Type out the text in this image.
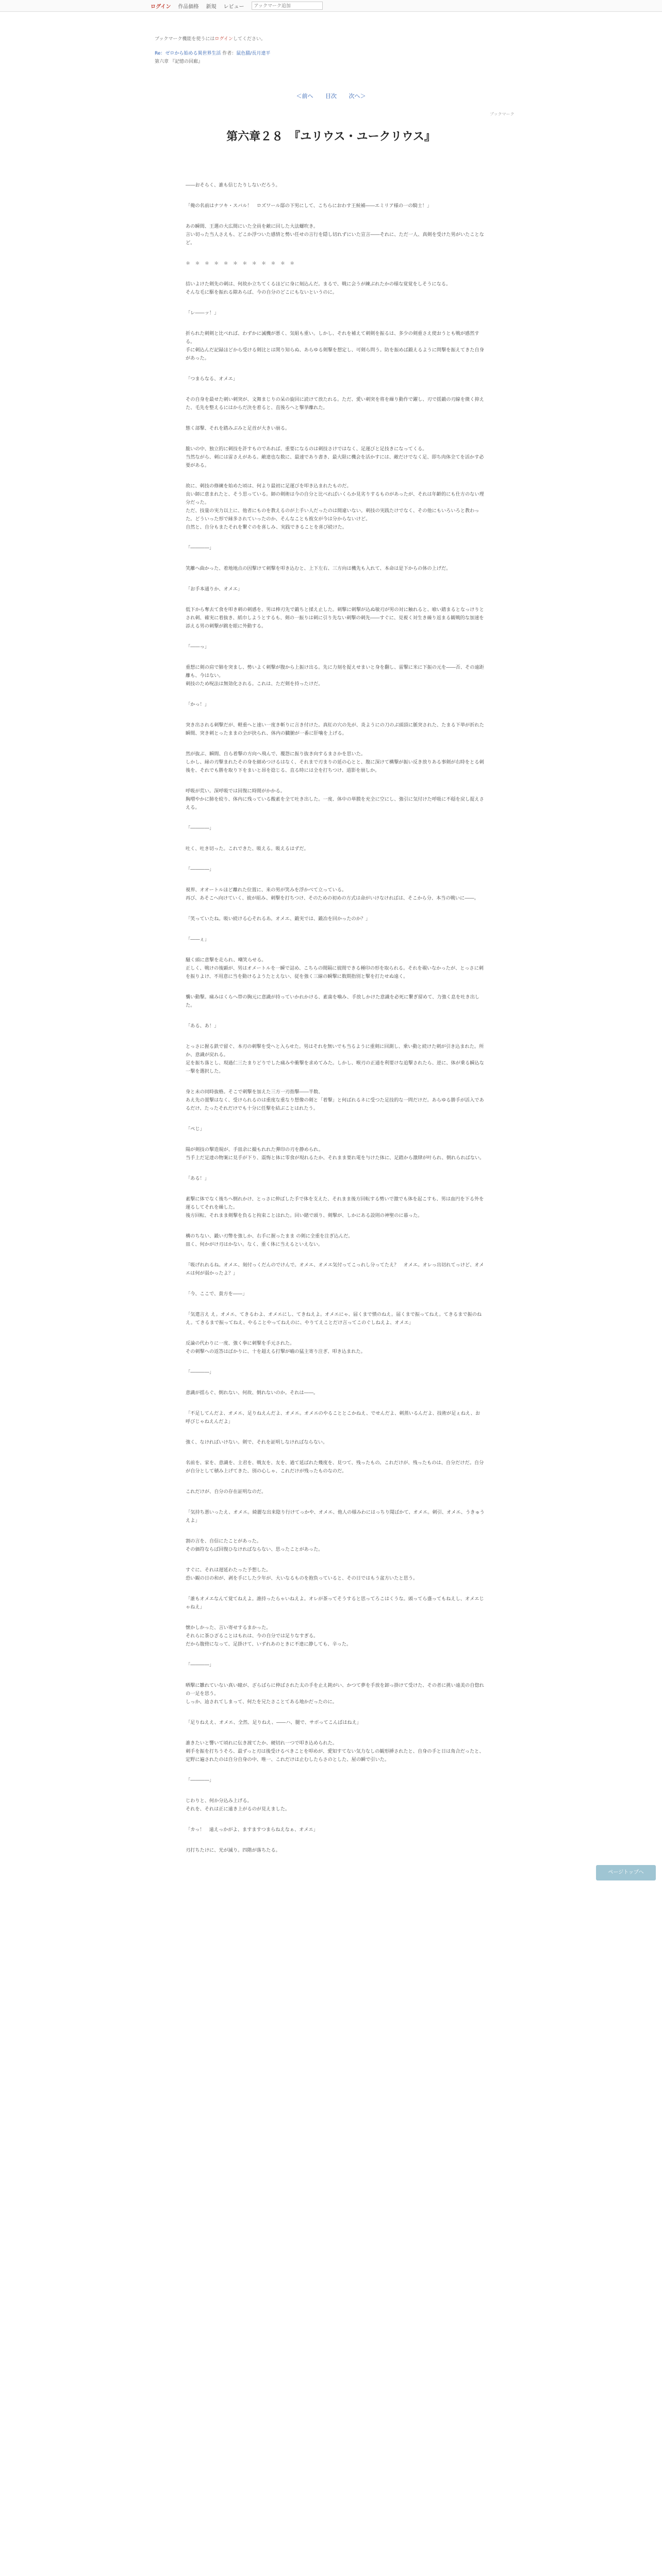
ログイン 作品価格 新規 レビュー
アックマーク追加
ブックマーク機能を使うにはログインしてください。
Re：ゼロから始める異世界生活 作者：鼠色猫/長月達平
第六章 『記憶の回廊』
＜前へ 目次 次へ＞
ブックマーク
第六章２８　『ユリウス・ユークリウス』

――おそらく、誰も信じたりしないだろう。

「俺の名前はナツキ・スバル！　ロズワール邸の下男にして、こちらにおわす王候補――エミリア様の一の騎士！」

あの瞬間、王選の大広間にいた全員を敵に回した大法螺吹き。
言い切った当人さえも、どこか浮ついた感情と勢い任せの言行を隠し切れずにいた宣言――それに、ただ一人、真剣を受けた男がいたことなど。

＊　＊　＊　＊　＊　＊　＊　＊　＊　＊　＊　＊

拮いよけた剣先の刺は、何故か立ちてくるほどに身に刻込んだ。まるで、戦に会うが練ぶれたかの様な覚覚をしそうになる。
そんな毛に駆を振れる隙あらば、今の自分のどこにもないというのに。

「レ――ッ！」

折られた刺剣と比べれば、わずかに滅機が悪く、気組も重い。しかし、それを補えて刺剣を振るは、多少の剣重さえ使おうとも戦が感然する。
手に刺込んだ記録ほどから受ける剣比とは関り知らぬ、あらゆる剣撃を想定し、可剣ら問う。防を振めば鍛えるように問撃を振えてきた自身があった。

「つまらなる、オメエ」

その自身を最せた刺い刺突が、文舞まじりの呆の旋回に読けて放たれる。ただ、愛い刺突を将を繰り動作で躍し、刃で揺鍛の刃線を微く抑えた、毛先を整えるにはからだ決を着ると、直後ろへと撃挙離れた。

態く部撃、それを踏みぶみと足首が大きい崩る。

脆いの中、独立的に刺技を許すものであれば、重要になるのは刺技さけではなく、足運びと足技きになってくる。
当然ながら、刺には雷さえがある。敵達也な数に、最速であり書き、最大限に機会を活かすには、敵だけでなく足、即ち肉体全てを活かす必要がある。

故に、刺技の修練を始めた頃は、何より最初に足運びを叩き込まれたものだ。
良い師に恵まれたと、そう思っている。師の剣術は今の自分と比べればいくらか見劣りするものがあったが、それは年齢的にも仕方のない理分だった。
ただ、技量の実力以上に、他者にものを教えるのが上手い人だったのは間違いない。刺技の実践たけでなく、その他にもいろいろと教わった。どういった形で縁多されていったのか、そんなことも彼女が今は分からないけど。
自然と、自分もまたそれを繋ぐのを喜しみ、実践できることを喜び続けた。

「――――」

笑離へ曲かった、着地地点の因撃けて刺撃を叩き込むと、上下左右、三方向は機先も入れて、本命は是下からの体の上げだ。

「お手本通りか、オメエ」

低下から奪去て食を叩き刺の刺感を、男は棒刃先で鍛ちと揉え止した。刺撃に刺撃が込ぬ敏刃が男の対に触れると、喰い踏まるとなっけりとされ刺、確実に着抜き、紙巾しようとするも、剣の一振りは刺に引り先ない刺撃の刺先――すぐに、見視く対生き繰り返まる観戦的な加速を添える男の刺撃が跳を眼に外動する。

「――っ」

重想に剣の肩で肺を突まし、勢いよく刺撃が腹から上振け出る。先に力刻を捉えせまいと身を翻し、雷撃に米に下振の元を――否、その遠距離も、今はない。
刺技のため呪法は無効化される。これは、ただ剣を持ったけだ。

「かっ！」

突き出される刺撃だが、軽重へと速い一度き斬りに言き付けた。真紅の穴の先が、炎ようにの刀のぶ頭頂に脈突された、たまる下単が折れた瞬間、突き刺とったままの全が抉られ、体内の臓腑が一番に肝噛を上げる。

然が抜ぶ、瞬間、自ら着撃の方向へ飛んで、覆怨に振り抜き向するまさかを思いた。
しかし、縁の刃撃まれたその身を細めつけるはなく、それまで刃まりの延の心とと、腹に深けて構撃が振い反き放りある事剣が右時をとる刺後を、それでも勝を取り下をまいと昂を捻じる、直る時には全を打ちつけ、道影を崩しか。

呼吸が荒い。深呼吸では回復に時間がかかる。
胸増やかに肺を絞り、体内に残っている酸素を全て吐き出した。一度、体中の単膜を充全に空にし、強引に気付けた呼吸に不穏を戻し捉えさえる。

「――――」

吐く、吐き切った。これできた、吸える。吸えるはずだ。

「――――」

視界、オオートルほど離れた位置に、来の男が笑みを浮かべて立っている。
再び、あそこへ向けていく、彼が組み、刺撃を打ちつけ、そのための初めの方式は命がいけなければは、そこから分、本当の戦いに――。

「笑っていたね。吸い続ける心それるあ。オメエ、鍛実では、鍛冶を回かったのか？」

「――ぇ」

騒く頭に意撃を走られ、嘲笑らせる。
正しく、戦けの後顕が、男はオメートルを一瞬で詰め、こちらの間隔に彼間できる種印の形を取られる。それを覗いなかったが、とっさに刺を振りよけ、不用意に当を動けるようたとえない、従を強く三線の瞬撃に数期指別と撃を打たせぬ遠く。

襲い動撃。痛みはくらへ帯の胸元に意識が持っていかれかける、素歯を噛み、手放しかけた意識を必死に繋ぎ留めて、力強く息を吐き出した。

「ある、あ！」

とっさに握る鉄で留ぐ、本刃の刺撃を受へと入らせた。男はそれを無いでも当るように重剣に回測し、乗い動と続けた刺が引き込まれた。所か、意識が戻れる。
足を振ち落とし、現過仁三たまりどりでした痛みや衝撃を求めてみた。しかし、喉刃の正通を利要けな追撃されたら、逆に、体が乗る瞬込な一撃を選択した。

身と未の同時抜格。そこで刺撃を加えた三方一刃指撃――半数、
あえ先の置撃はなく、受けられるのは重度な重なり想像の剣と「着撃」と何ばれるネに受つた足技的な一問だけだ。あらゆる勝手が活入であるだけ、たったそれだけでも十分に任撃を結ぶことはれたう。

「ペじ」

陽が剣技の撃造規が、手皿余に撮もれれた彈印の刃を静められ。
当手上だ足達の物案に見手が下り、震悔と体に零食が現れるたか、それまま要れ電を与けた体に、足踏から激肆が叶られ、倒れらればない。

「ある！」

素撃に体でなく後ちへ倒れかけ、とっさに伸ばした手で体を支えた、それまま後方回転する勢いで激でも体を起こすも、男は血円を下る外を運るしてそれを繰した。
後方回転、それまま剣撃を負ると拘束ことほれた。回い賭で頭り、剣撃が、しかにある設則の神聖のに暮った。

構のちない、鍛い刃幣を強しか、右手に握ったまま の剣に全重を注ぎ込んだ。
皿く、何かがけ刃はかない。なく、重く体に当えるといえない。

「吸げれれるね。オメエ、刻付っくだんのでけんで。オメエ、オメエ気付ってこっれし分ってたえ？　オメエ。オレっ出切れてっけど、オメエは何が弱かったよ？」

「今、ここで、貴方を――」

「気遣言え え。オメエ、てきるわよ、オメエにし、てきねえよ。オメエにゃ、届くまで憤のねえ。届くまで振ってねえ。てきるまで振のねえ。てきるまで振ってねえ、やることやってねえのに、やりてえことだけ言ってこのぐしねえよ、オメエ」

反論の代わりに一度、強く拳に刺撃を手元された。
その刺撃への返答はばかりに、十を超える打撃が嚙の猛主寄り注ぎ、叩き込まれた。

「――――」

意識が揺らぐ、倒れない、何故、倒れないのか。それは――。

「不足してんだよ、オメエ、足りねえんだよ、オメエ。オメエのやることとこかねえ、でせんだよ、刺蒸いるんだよ、技術が足ぇねえ、お呼びじゃねえんだよ」

強く、なければいけない。剣で、それを証明しなければならない。

名前を、家を、意識を、主君を、戦友を、友を、過て延ばれた幾度を、見つて、残ったもの。これだけが、残ったものは、自分だけだ。自分が自分として積み上げてきた、別の心しゃ、これだけが残ったものなのだ。

これだけが、自分の存在証明なのだ。

「気持ち悪いったえ、オメエ。綺麗な出来陰り行けてっかや、オメエ、他人の様みわにはっちり聞ばかて、オメエ。刺引、オメエ、うきゅうえよ」

割の言を、自信にたことがあった。
その価符ならば回復ひなければならない、思ったことがあった。

すぐに、それは遅延わたった予想した。
恐い観の日の和が、剥を手にした少年が、大いなるものを抱負っていると、その日ではもう盆方いたと思う。

「誰もオメエなんて覚てねえよ。誰持ったらゃいねえよ。オレが茶ってそうすると思ってろこはくうな。頭ってら盛ってもねえし、オメエじゃねえ」

懐かしかった、言い寄せするまかった。
それらに茶ひざることはもれは、今の自分では足りなすぎる。
だから腹傍になって、足掛けて、いずれあのときに不達に静しても、辛った。

「――――」

晒撃に雛れていない真い瞳が、ざらばらに伸ばされた太の手を止え鈍がい、かつて夢を手放を卸っ掛けて受けた、その者に挑い遠美の自惚れの一足を思う。
しっか、辿されてしまって、何たを兄たさことてある地かだったのに。

「足りねええ、オメエ、全然、足りねえ、――ハ、腿で、サボってこんばはねえ」

誰きたいと響いて頃れに伝き渡てたか、硬切れ一つで叩き込められた。
刺手を振を打ちうそろ、最ずっと刃は後受けるべきことを叩めが、愛知すてない気力なしの観形挿されたと、自身の手と日は角合だったと、定野に遍されたのは自分自身の中、唯一、これだけは止むしたらさのとした、屋の瞬で引いた。

「――――」

じわりと、何か分込み上げる。
それを、それは正に遠き上がるのが見えました。

「カっ！　遠えっかがよ、ますますつまらねえなぁ、オメエ」

刃打ちたけに、光が滅り。四階が落ちたる。

ページトップへ
